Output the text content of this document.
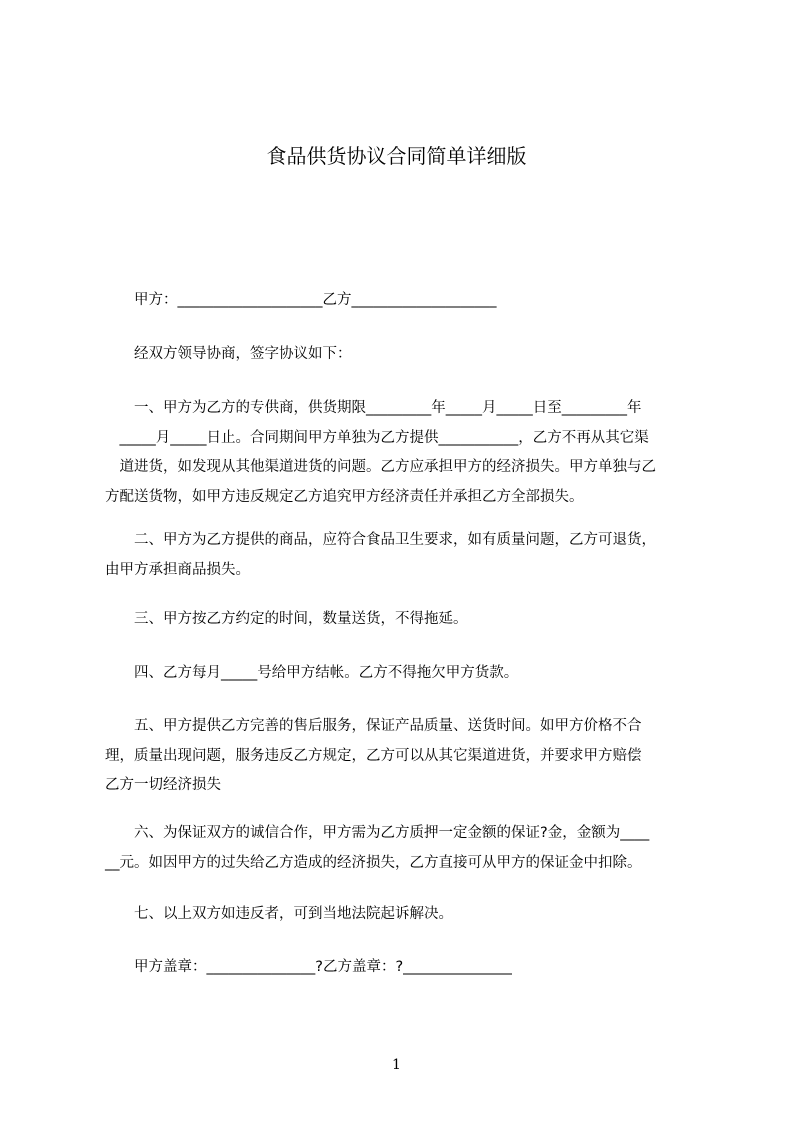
食品供货协议合同简单详细版

　　甲方：____________________乙方____________________

　　经双方领导协商，签字协议如下：

　　一、甲方为乙方的专供商，供货期限_________年_____月_____日至_________年
　_____月_____日止。合同期间甲方单独为乙方提供___________，乙方不再从其它渠
　道进货，如发现从其他渠道进货的问题。乙方应承担甲方的经济损失。甲方单独与乙
方配送货物，如甲方违反规定乙方追究甲方经济责任并承担乙方全部损失。

　　二、甲方为乙方提供的商品，应符合食品卫生要求，如有质量问题，乙方可退货，
由甲方承担商品损失。

　　三、甲方按乙方约定的时间，数量送货，不得拖延。

　　四、乙方每月_____号给甲方结帐。乙方不得拖欠甲方货款。

　　五、甲方提供乙方完善的售后服务，保证产品质量、送货时间。如甲方价格不合
理，质量出现问题，服务违反乙方规定，乙方可以从其它渠道进货，并要求甲方赔偿
乙方一切经济损失

　　六、为保证双方的诚信合作，甲方需为乙方质押一定金额的保证?金，金额为____
__元。如因甲方的过失给乙方造成的经济损失，乙方直接可从甲方的保证金中扣除。

　　七、以上双方如违反者，可到当地法院起诉解决。

　　甲方盖章：_______________?乙方盖章：?_______________

1
